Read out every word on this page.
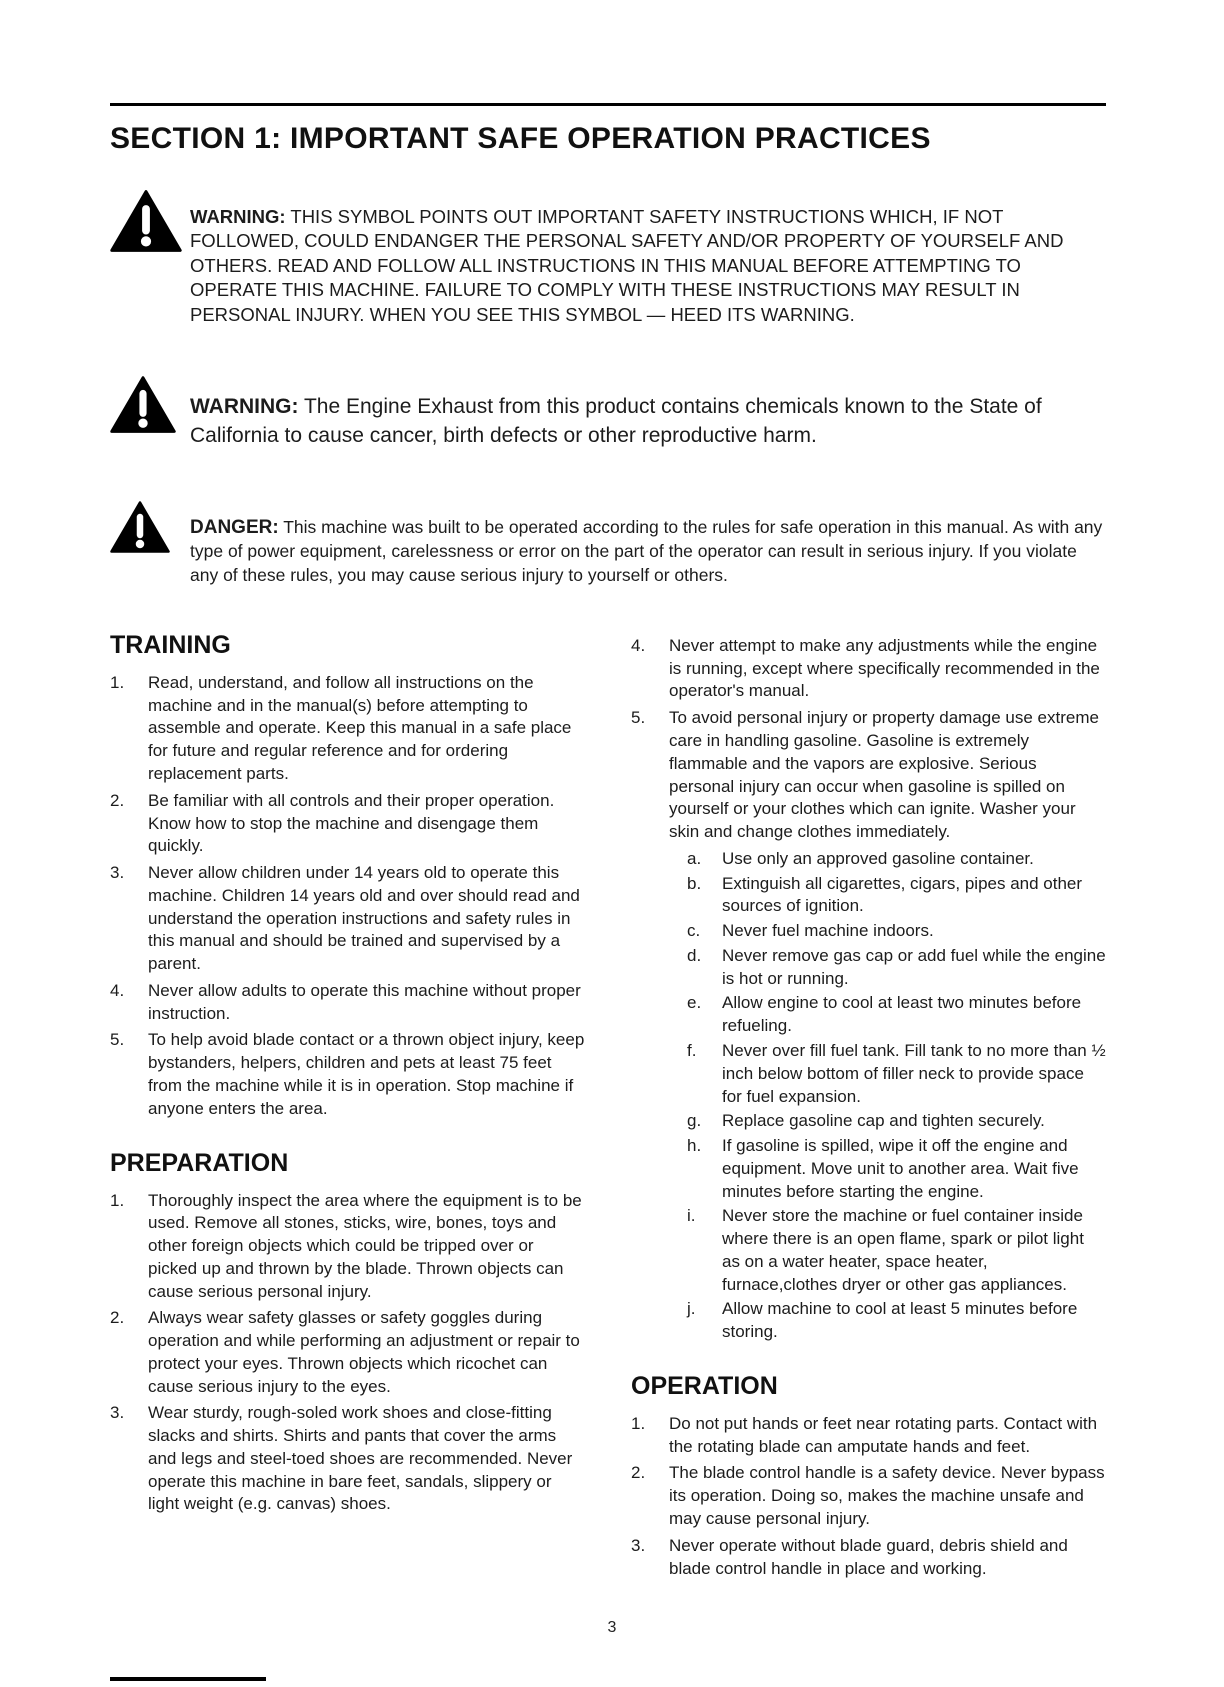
SECTION 1: IMPORTANT SAFE OPERATION PRACTICES

WARNING: THIS SYMBOL POINTS OUT IMPORTANT SAFETY INSTRUCTIONS WHICH, IF NOT FOLLOWED, COULD ENDANGER THE PERSONAL SAFETY AND/OR PROPERTY OF YOURSELF AND OTHERS. READ AND FOLLOW ALL INSTRUCTIONS IN THIS MANUAL BEFORE ATTEMPTING TO OPERATE THIS MACHINE. FAILURE TO COMPLY WITH THESE INSTRUCTIONS MAY RESULT IN PERSONAL INJURY. WHEN YOU SEE THIS SYMBOL — HEED ITS WARNING.

WARNING: The Engine Exhaust from this product contains chemicals known to the State of California to cause cancer, birth defects or other reproductive harm.

DANGER: This machine was built to be operated according to the rules for safe operation in this manual. As with any type of power equipment, carelessness or error on the part of the operator can result in serious injury. If you violate any of these rules, you may cause serious injury to yourself or others.

TRAINING
1.	Read, understand, and follow all instructions on the machine and in the manual(s) before attempting to assemble and operate. Keep this manual in a safe place for future and regular reference and for ordering replacement parts.
2.	Be familiar with all controls and their proper operation. Know how to stop the machine and disengage them quickly.
3.	Never allow children under 14 years old to operate this machine. Children 14 years old and over should read and understand the operation instructions and safety rules in this manual and should be trained and supervised by a parent.
4.	Never allow adults to operate this machine without proper instruction.
5.	To help avoid blade contact or a thrown object injury, keep bystanders, helpers, children and pets at least 75 feet from the machine while it is in operation. Stop machine if anyone enters the area.
PREPARATION
1.	Thoroughly inspect the area where the equipment is to be used. Remove all stones, sticks, wire, bones, toys and other foreign objects which could be tripped over or picked up and thrown by the blade. Thrown objects can cause serious personal injury.
2.	Always wear safety glasses or safety goggles during operation and while performing an adjustment or repair to protect your eyes. Thrown objects which ricochet can cause serious injury to the eyes.
3.	Wear sturdy, rough-soled work shoes and close-fitting slacks and shirts. Shirts and pants that cover the arms and legs and steel-toed shoes are recommended. Never operate this machine in bare feet, sandals, slippery or light weight (e.g. canvas) shoes.
4.	Never attempt to make any adjustments while the engine is running, except where specifically recommended in the operator's manual.
5.	To avoid personal injury or property damage use extreme care in handling gasoline. Gasoline is extremely flammable and the vapors are explosive. Serious personal injury can occur when gasoline is spilled on yourself or your clothes which can ignite. Washer your skin and change clothes immediately.
a.	Use only an approved gasoline container.
b.	Extinguish all cigarettes, cigars, pipes and other sources of ignition.
c.	Never fuel machine indoors.
d.	Never remove gas cap or add fuel while the engine is hot or running.
e.	Allow engine to cool at least two minutes before refueling.
f.	Never over fill fuel tank. Fill tank to no more than ½ inch below bottom of filler neck to provide space for fuel expansion.
g.	Replace gasoline cap and tighten securely.
h.	If gasoline is spilled, wipe it off the engine and equipment. Move unit to another area. Wait five minutes before starting the engine.
i.	Never store the machine or fuel container inside where there is an open flame, spark or pilot light as on a water heater, space heater, furnace,clothes dryer or other gas appliances.
j.	Allow machine to cool at least 5 minutes before storing.
OPERATION
1.	Do not put hands or feet near rotating parts. Contact with the rotating blade can amputate hands and feet.
2.	The blade control handle is a safety device. Never bypass its operation. Doing so, makes the machine unsafe and may cause personal injury.
3.	Never operate without blade guard, debris shield and blade control handle in place and working.
3
